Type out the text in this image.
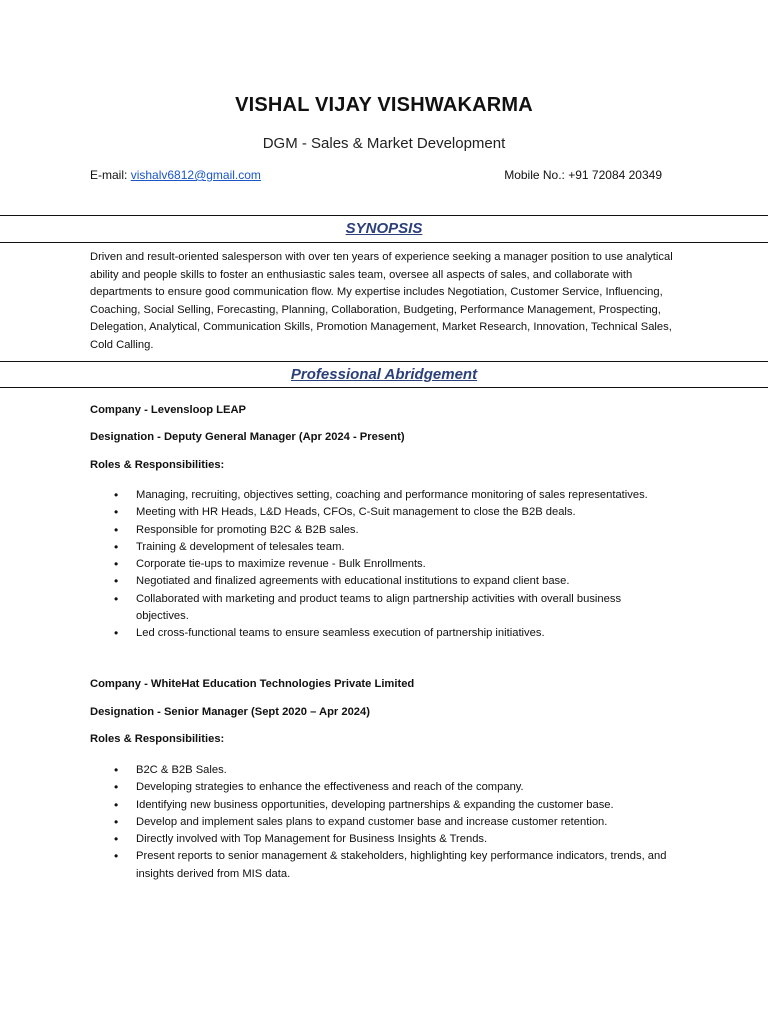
VISHAL VIJAY VISHWAKARMA
DGM - Sales & Market Development
E-mail: vishalv6812@gmail.com	Mobile No.: +91 72084 20349
SYNOPSIS
Driven and result-oriented salesperson with over ten years of experience seeking a manager position to use analytical ability and people skills to foster an enthusiastic sales team, oversee all aspects of sales, and collaborate with departments to ensure good communication flow. My expertise includes Negotiation, Customer Service, Influencing, Coaching, Social Selling, Forecasting, Planning, Collaboration, Budgeting, Performance Management, Prospecting, Delegation, Analytical, Communication Skills, Promotion Management, Market Research, Innovation, Technical Sales, Cold Calling.
Professional Abridgement
Company - Levensloop LEAP
Designation - Deputy General Manager (Apr 2024 - Present)
Roles & Responsibilities:
• Managing, recruiting, objectives setting, coaching and performance monitoring of sales representatives.
• Meeting with HR Heads, L&D Heads, CFOs, C-Suit management to close the B2B deals.
• Responsible for promoting B2C & B2B sales.
• Training & development of telesales team.
• Corporate tie-ups to maximize revenue - Bulk Enrollments.
• Negotiated and finalized agreements with educational institutions to expand client base.
• Collaborated with marketing and product teams to align partnership activities with overall business objectives.
• Led cross-functional teams to ensure seamless execution of partnership initiatives.
Company - WhiteHat Education Technologies Private Limited
Designation - Senior Manager (Sept 2020 – Apr 2024)
Roles & Responsibilities:
• B2C & B2B Sales.
• Developing strategies to enhance the effectiveness and reach of the company.
• Identifying new business opportunities, developing partnerships & expanding the customer base.
• Develop and implement sales plans to expand customer base and increase customer retention.
• Directly involved with Top Management for Business Insights & Trends.
• Present reports to senior management & stakeholders, highlighting key performance indicators, trends, and insights derived from MIS data.
